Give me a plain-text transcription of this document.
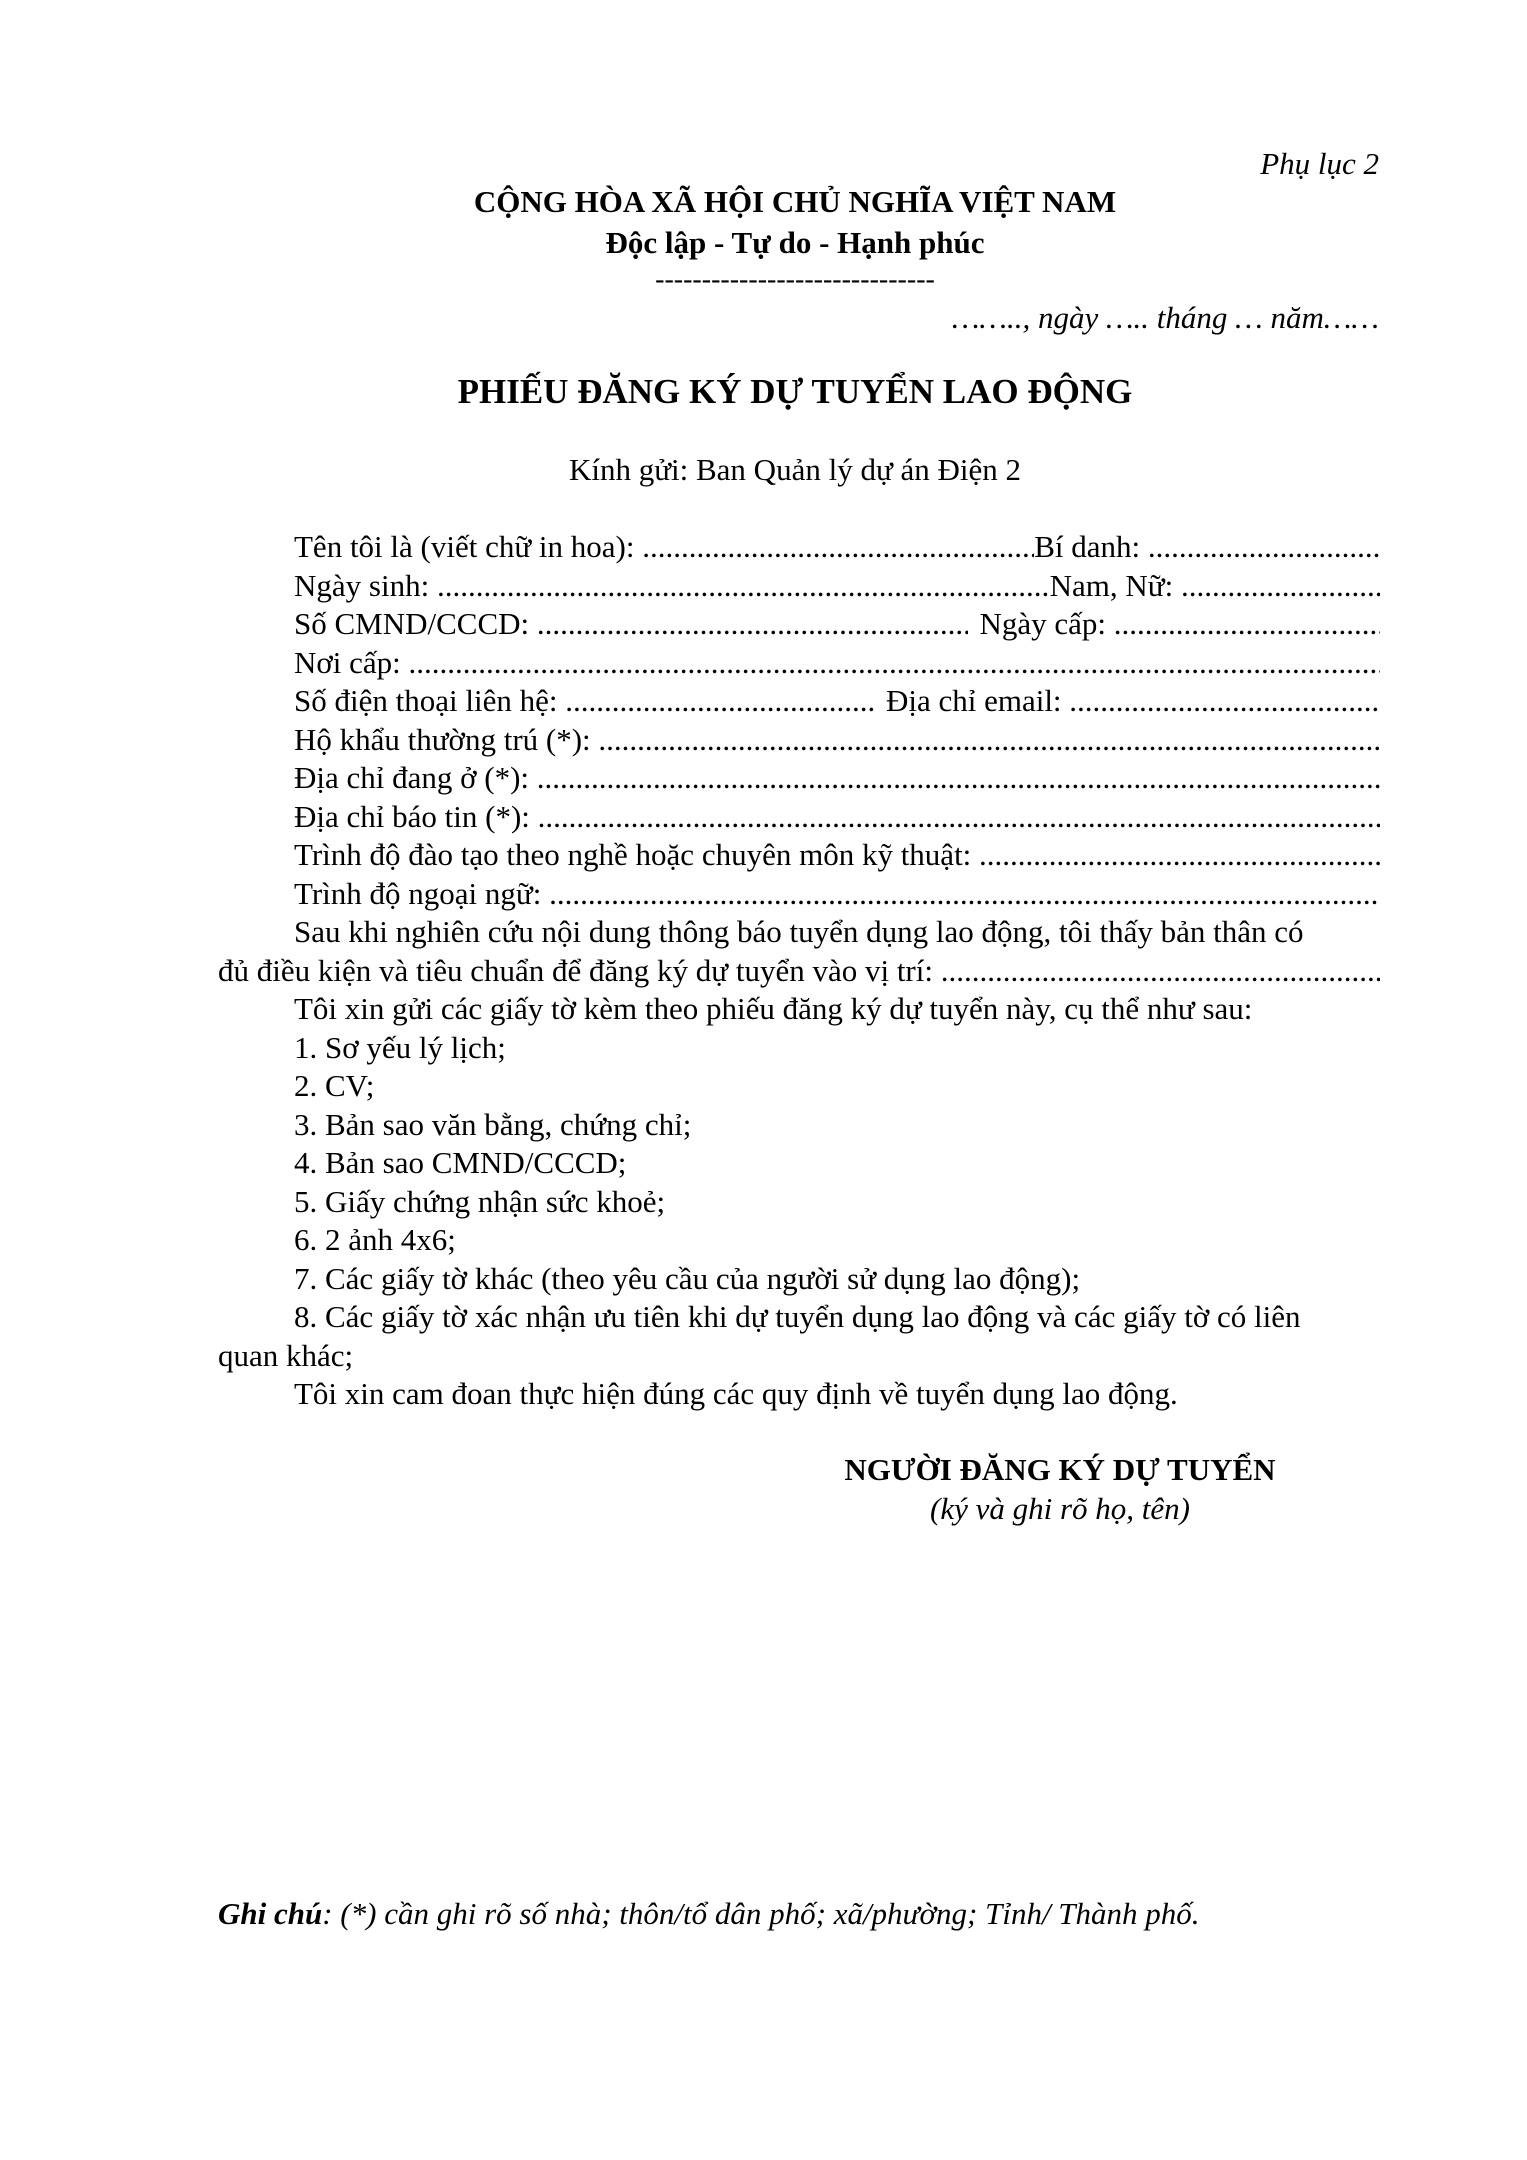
Phụ lục 2
CỘNG HÒA XÃ HỘI CHỦ NGHĨA VIỆT NAM
Độc lập - Tự do - Hạnh phúc
------------------------------
…….., ngày ….. tháng … năm……
PHIẾU ĐĂNG KÝ DỰ TUYỂN LAO ĐỘNG
Kính gửi: Ban Quản lý dự án Điện 2
Tên tôi là (viết chữ in hoa): .....	Bí danh:
.....
Ngày sinh: .....	Nam, Nữ:
.....
Số CMND/CCCD: .....	Ngày cấp:
.....
Nơi cấp:
.....
Số điện thoại liên hệ: .....	Địa chỉ email:
.....
Hộ khẩu thường trú (*):
.....
Địa chỉ đang ở (*):
.....
Địa chỉ báo tin (*):
.....
Trình độ đào tạo theo nghề hoặc chuyên môn kỹ thuật:
.....
Trình độ ngoại ngữ:
.....
Sau khi nghiên cứu nội dung thông báo tuyển dụng lao động, tôi thấy bản thân có
đủ điều kiện và tiêu chuẩn để đăng ký dự tuyển vào vị trí:
.....
Tôi xin gửi các giấy tờ kèm theo phiếu đăng ký dự tuyển này, cụ thể như sau:
1. Sơ yếu lý lịch;
2. CV;
3. Bản sao văn bằng, chứng chỉ;
4. Bản sao CMND/CCCD;
5. Giấy chứng nhận sức khoẻ;
6. 2 ảnh 4x6;
7. Các giấy tờ khác (theo yêu cầu của người sử dụng lao động);
8. Các giấy tờ xác nhận ưu tiên khi dự tuyển dụng lao động và các giấy tờ có liên
quan khác;
Tôi xin cam đoan thực hiện đúng các quy định về tuyển dụng lao động.
NGƯỜI ĐĂNG KÝ DỰ TUYỂN
(ký và ghi rõ họ, tên)
Ghi chú: (*) cần ghi rõ số nhà; thôn/tổ dân phố; xã/phường; Tỉnh/ Thành phố.
